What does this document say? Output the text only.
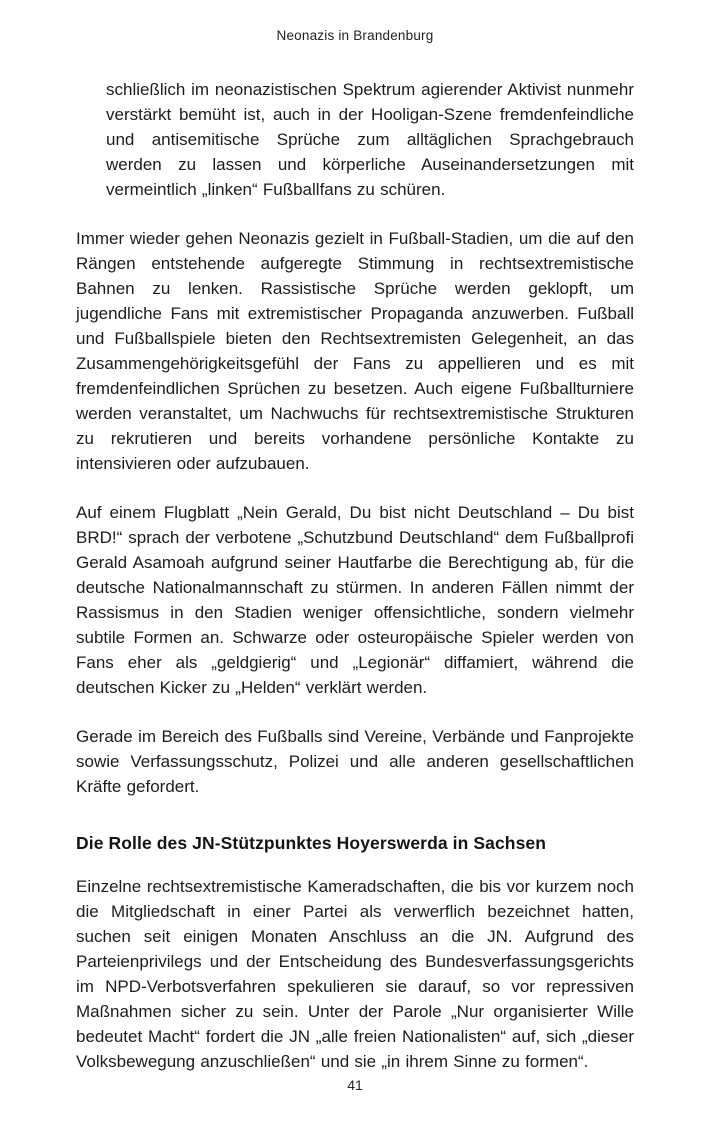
Neonazis in Brandenburg

schließlich im neonazistischen Spektrum agierender Aktivist nunmehr verstärkt bemüht ist, auch in der Hooligan-Szene fremdenfeindliche und antisemitische Sprüche zum alltäglichen Sprachgebrauch werden zu lassen und körperliche Auseinandersetzungen mit vermeintlich „linken“ Fußballfans zu schüren.

Immer wieder gehen Neonazis gezielt in Fußball-Stadien, um die auf den Rängen entstehende aufgeregte Stimmung in rechtsextremistische Bahnen zu lenken. Rassistische Sprüche werden geklopft, um jugendliche Fans mit extremistischer Propaganda anzuwerben. Fußball und Fußballspiele bieten den Rechtsextremisten Gelegenheit, an das Zusammengehörigkeitsgefühl der Fans zu appellieren und es mit fremdenfeindlichen Sprüchen zu besetzen. Auch eigene Fußballturniere werden veranstaltet, um Nachwuchs für rechtsextremistische Strukturen zu rekrutieren und bereits vorhandene persönliche Kontakte zu intensivieren oder aufzubauen.

Auf einem Flugblatt „Nein Gerald, Du bist nicht Deutschland – Du bist BRD!“ sprach der verbotene „Schutzbund Deutschland“ dem Fußballprofi Gerald Asamoah aufgrund seiner Hautfarbe die Berechtigung ab, für die deutsche Nationalmannschaft zu stürmen. In anderen Fällen nimmt der Rassismus in den Stadien weniger offensichtliche, sondern vielmehr subtile Formen an. Schwarze oder osteuropäische Spieler werden von Fans eher als „geldgierig“ und „Legionär“ diffamiert, während die deutschen Kicker zu „Helden“ verklärt werden.

Gerade im Bereich des Fußballs sind Vereine, Verbände und Fanprojekte sowie Verfassungsschutz, Polizei und alle anderen gesellschaftlichen Kräfte gefordert.

Die Rolle des JN-Stützpunktes Hoyerswerda in Sachsen

Einzelne rechtsextremistische Kameradschaften, die bis vor kurzem noch die Mitgliedschaft in einer Partei als verwerflich bezeichnet hatten, suchen seit einigen Monaten Anschluss an die JN. Aufgrund des Parteienprivilegs und der Entscheidung des Bundesverfassungsgerichts im NPD-Verbotsverfahren spekulieren sie darauf, so vor repressiven Maßnahmen sicher zu sein. Unter der Parole „Nur organisierter Wille bedeutet Macht“ fordert die JN „alle freien Nationalisten“ auf, sich „dieser Volksbewegung anzuschließen“ und sie „in ihrem Sinne zu formen“.

41
